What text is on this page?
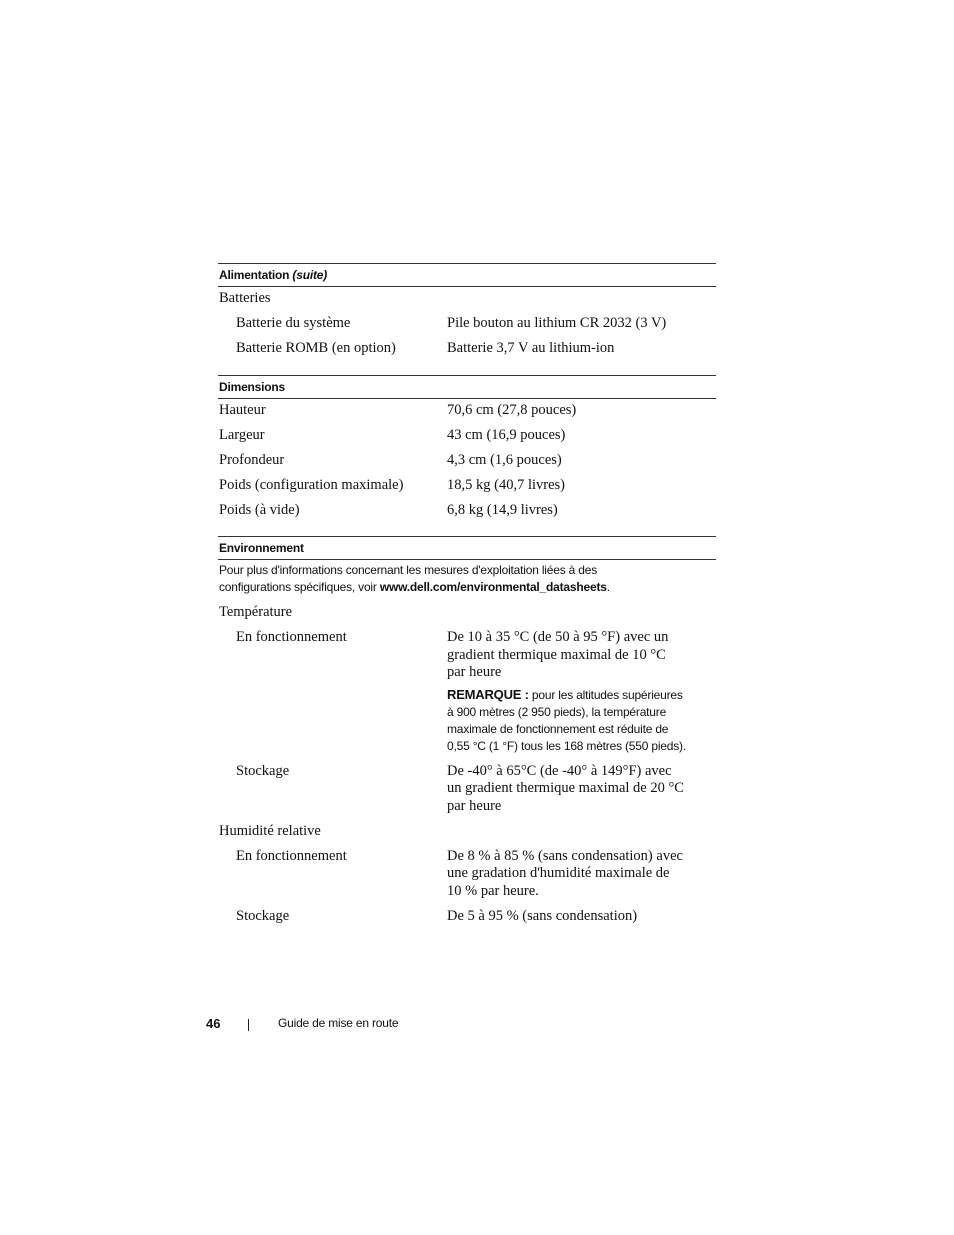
Alimentation (suite)
Batteries
Batterie du système	Pile bouton au lithium CR 2032 (3 V)
Batterie ROMB (en option)	Batterie 3,7 V au lithium-ion
Dimensions
Hauteur	70,6 cm (27,8 pouces)
Largeur	43 cm (16,9 pouces)
Profondeur	4,3 cm (1,6 pouces)
Poids (configuration maximale)	18,5 kg (40,7 livres)
Poids (à vide)	6,8 kg (14,9 livres)
Environnement
Pour plus d'informations concernant les mesures d'exploitation liées à des
configurations spécifiques, voir www.dell.com/environmental_datasheets.
Température
En fonctionnement	De 10 à 35 °C (de 50 à 95 °F) avec un
gradient thermique maximal de 10 °C
par heure
REMARQUE : pour les altitudes supérieures
à 900 mètres (2 950 pieds), la température
maximale de fonctionnement est réduite de
0,55 °C (1 °F) tous les 168 mètres (550 pieds).
Stockage	De -40° à 65°C (de -40° à 149°F) avec
un gradient thermique maximal de 20 °C
par heure
Humidité relative
En fonctionnement	De 8 % à 85 % (sans condensation) avec
une gradation d'humidité maximale de
10 % par heure.
Stockage	De 5 à 95 % (sans condensation)
46	Guide de mise en route
